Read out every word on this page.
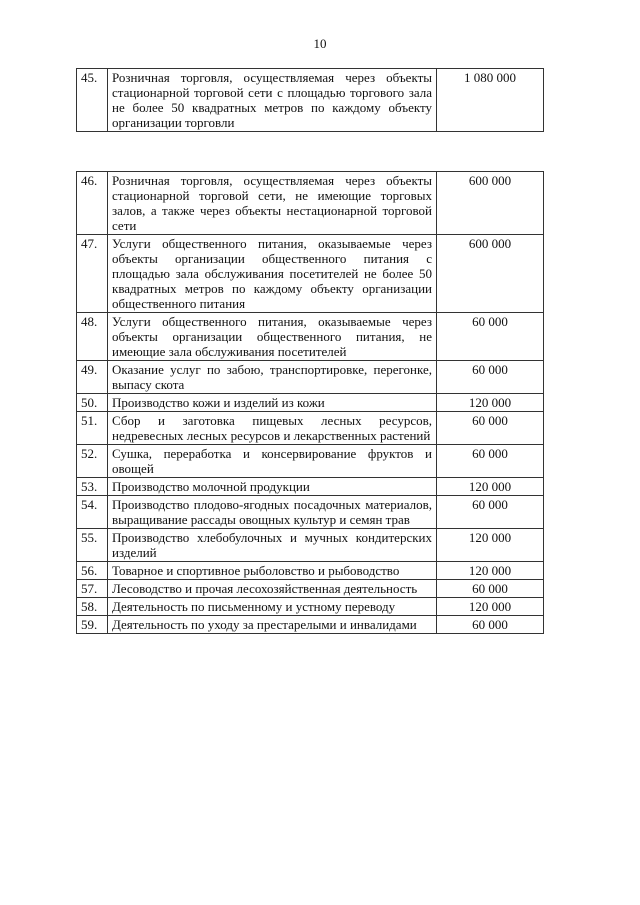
10
45.	Розничная торговля, осуществляемая через объекты стационарной торговой сети с площадью торгового зала не более 50 квадратных метров по каждому объекту организации торговли	1 080 000
46.	Розничная торговля, осуществляемая через объекты стационарной торговой сети, не имеющие торговых залов, а также через объекты нестационарной торговой сети	600 000
47.	Услуги общественного питания, оказываемые через объекты организации общественного питания с площадью зала обслуживания посетителей не более 50 квадратных метров по каждому объекту организации общественного питания	600 000
48.	Услуги общественного питания, оказываемые через объекты организации общественного питания, не имеющие зала обслуживания посетителей	60 000
49.	Оказание услуг по забою, транспортировке, перегонке, выпасу скота	60 000
50.	Производство кожи и изделий из кожи	120 000
51.	Сбор и заготовка пищевых лесных ресурсов, недревесных лесных ресурсов и лекарственных растений	60 000
52.	Сушка, переработка и консервирование фруктов и овощей	60 000
53.	Производство молочной продукции	120 000
54.	Производство плодово-ягодных посадочных материалов, выращивание рассады овощных культур и семян трав	60 000
55.	Производство хлебобулочных и мучных кондитерских изделий	120 000
56.	Товарное и спортивное рыболовство и рыбоводство	120 000
57.	Лесоводство и прочая лесохозяйственная деятельность	60 000
58.	Деятельность по письменному и устному переводу	120 000
59.	Деятельность по уходу за престарелыми и инвалидами	60 000
